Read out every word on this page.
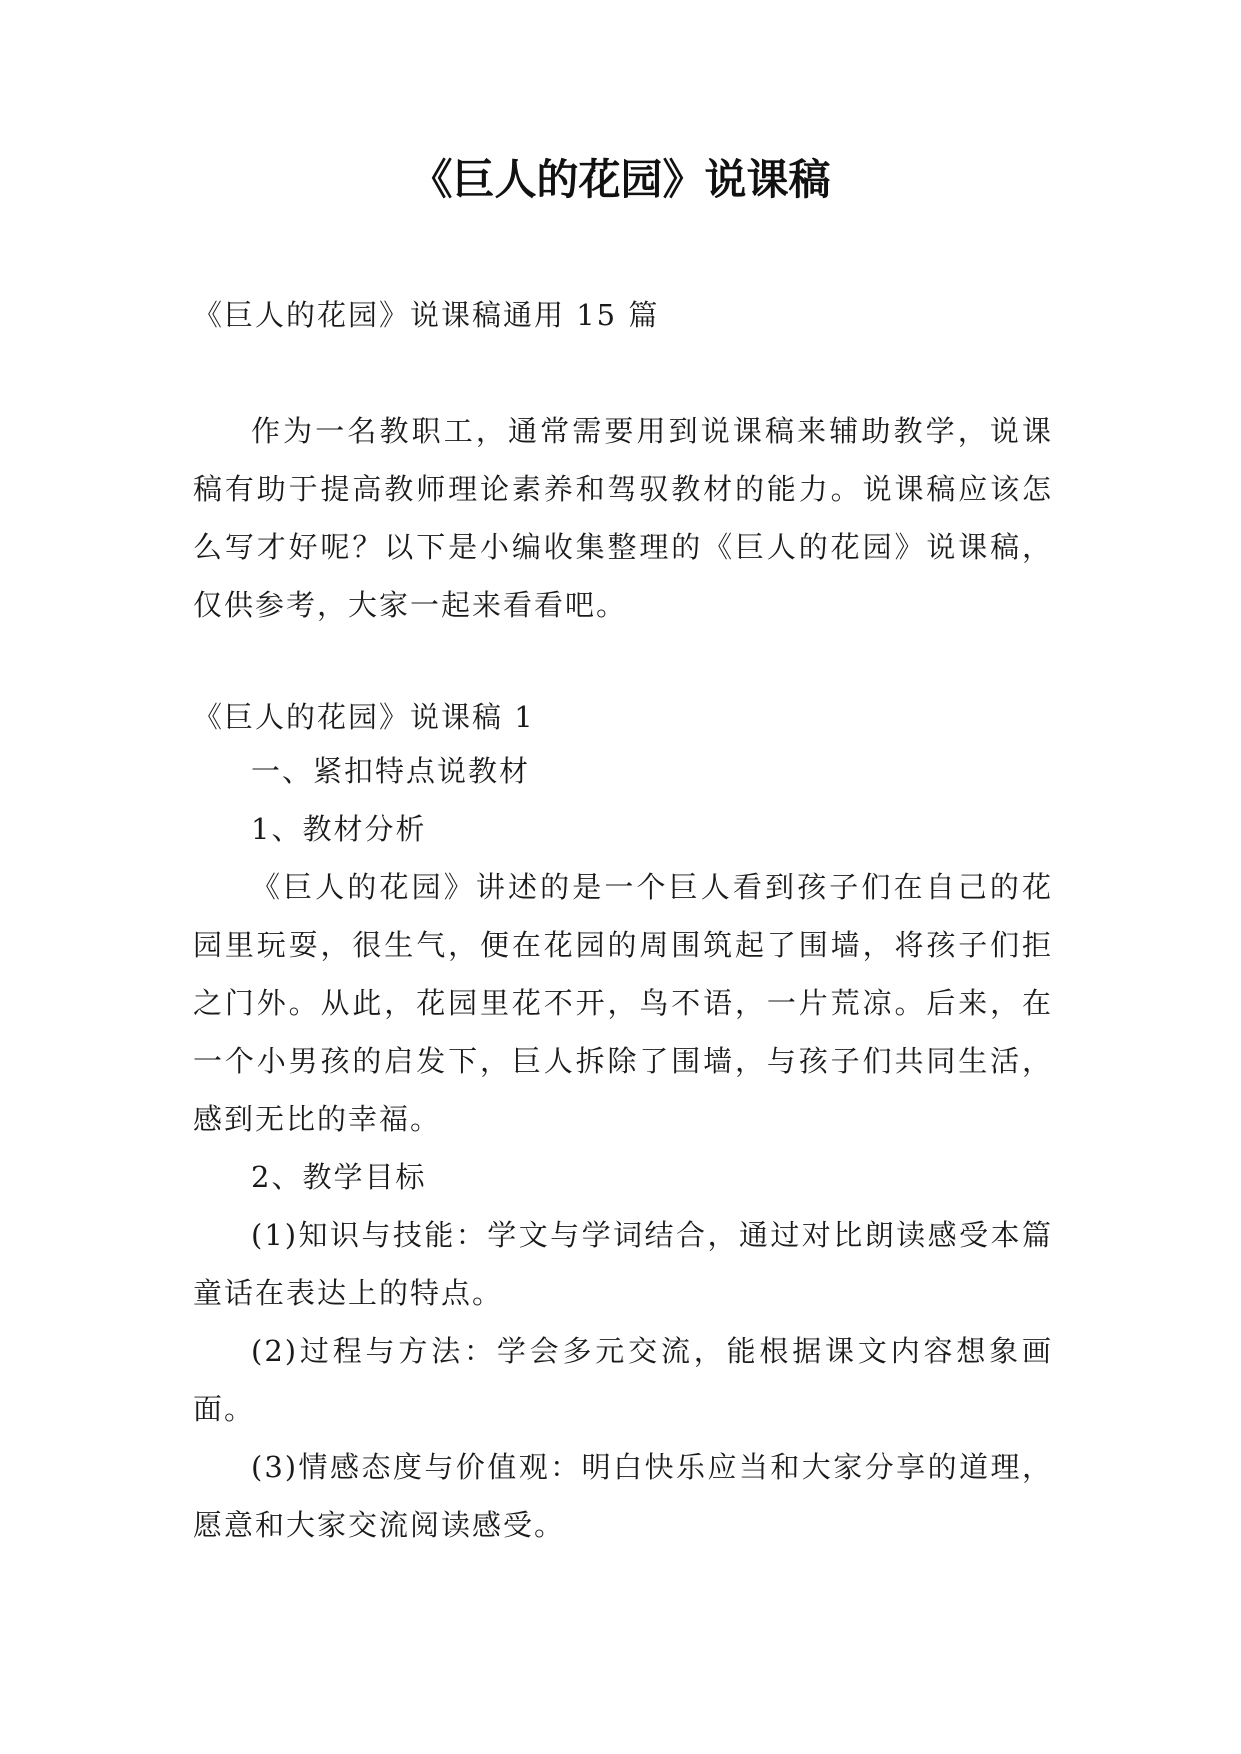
《巨人的花园》说课稿

《巨人的花园》说课稿通用 15 篇

作为一名教职工，通常需要用到说课稿来辅助教学，说课稿有助于提高教师理论素养和驾驭教材的能力。说课稿应该怎么写才好呢？以下是小编收集整理的《巨人的花园》说课稿，仅供参考，大家一起来看看吧。

《巨人的花园》说课稿 1

一、紧扣特点说教材

1、教材分析

《巨人的花园》讲述的是一个巨人看到孩子们在自己的花园里玩耍，很生气，便在花园的周围筑起了围墙，将孩子们拒之门外。从此，花园里花不开，鸟不语，一片荒凉。后来，在一个小男孩的启发下，巨人拆除了围墙，与孩子们共同生活，感到无比的幸福。

2、教学目标

(1)知识与技能：学文与学词结合，通过对比朗读感受本篇童话在表达上的特点。

(2)过程与方法：学会多元交流，能根据课文内容想象画面。

(3)情感态度与价值观：明白快乐应当和大家分享的道理，愿意和大家交流阅读感受。
